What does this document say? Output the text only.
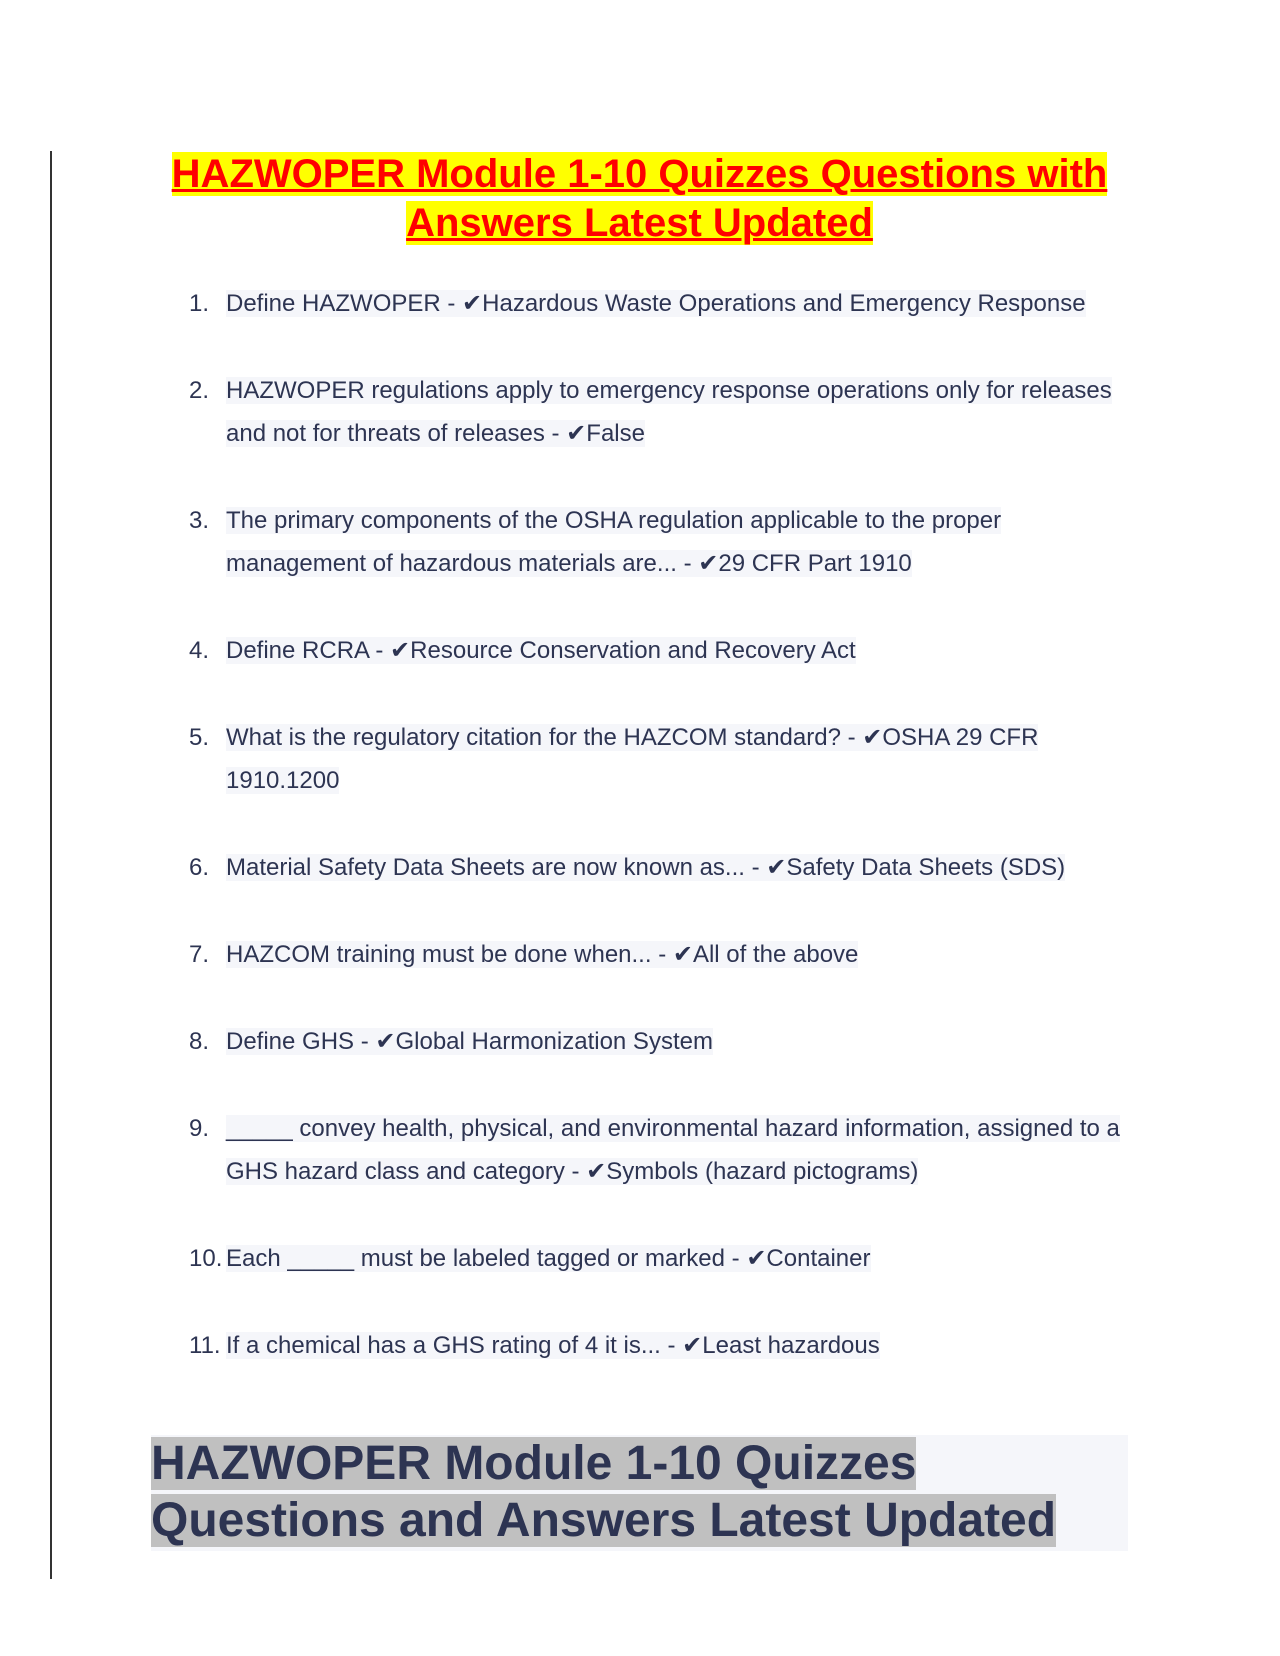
HAZWOPER Module 1-10 Quizzes Questions with Answers Latest Updated
1. Define HAZWOPER - ✔Hazardous Waste Operations and Emergency Response
2. HAZWOPER regulations apply to emergency response operations only for releases and not for threats of releases - ✔False
3. The primary components of the OSHA regulation applicable to the proper management of hazardous materials are... - ✔29 CFR Part 1910
4. Define RCRA - ✔Resource Conservation and Recovery Act
5. What is the regulatory citation for the HAZCOM standard? - ✔OSHA 29 CFR 1910.1200
6. Material Safety Data Sheets are now known as... - ✔Safety Data Sheets (SDS)
7. HAZCOM training must be done when... - ✔All of the above
8. Define GHS - ✔Global Harmonization System
9. _____ convey health, physical, and environmental hazard information, assigned to a GHS hazard class and category - ✔Symbols (hazard pictograms)
10. Each _____ must be labeled tagged or marked - ✔Container
11. If a chemical has a GHS rating of 4 it is... - ✔Least hazardous
HAZWOPER Module 1-10 Quizzes Questions and Answers Latest Updated
